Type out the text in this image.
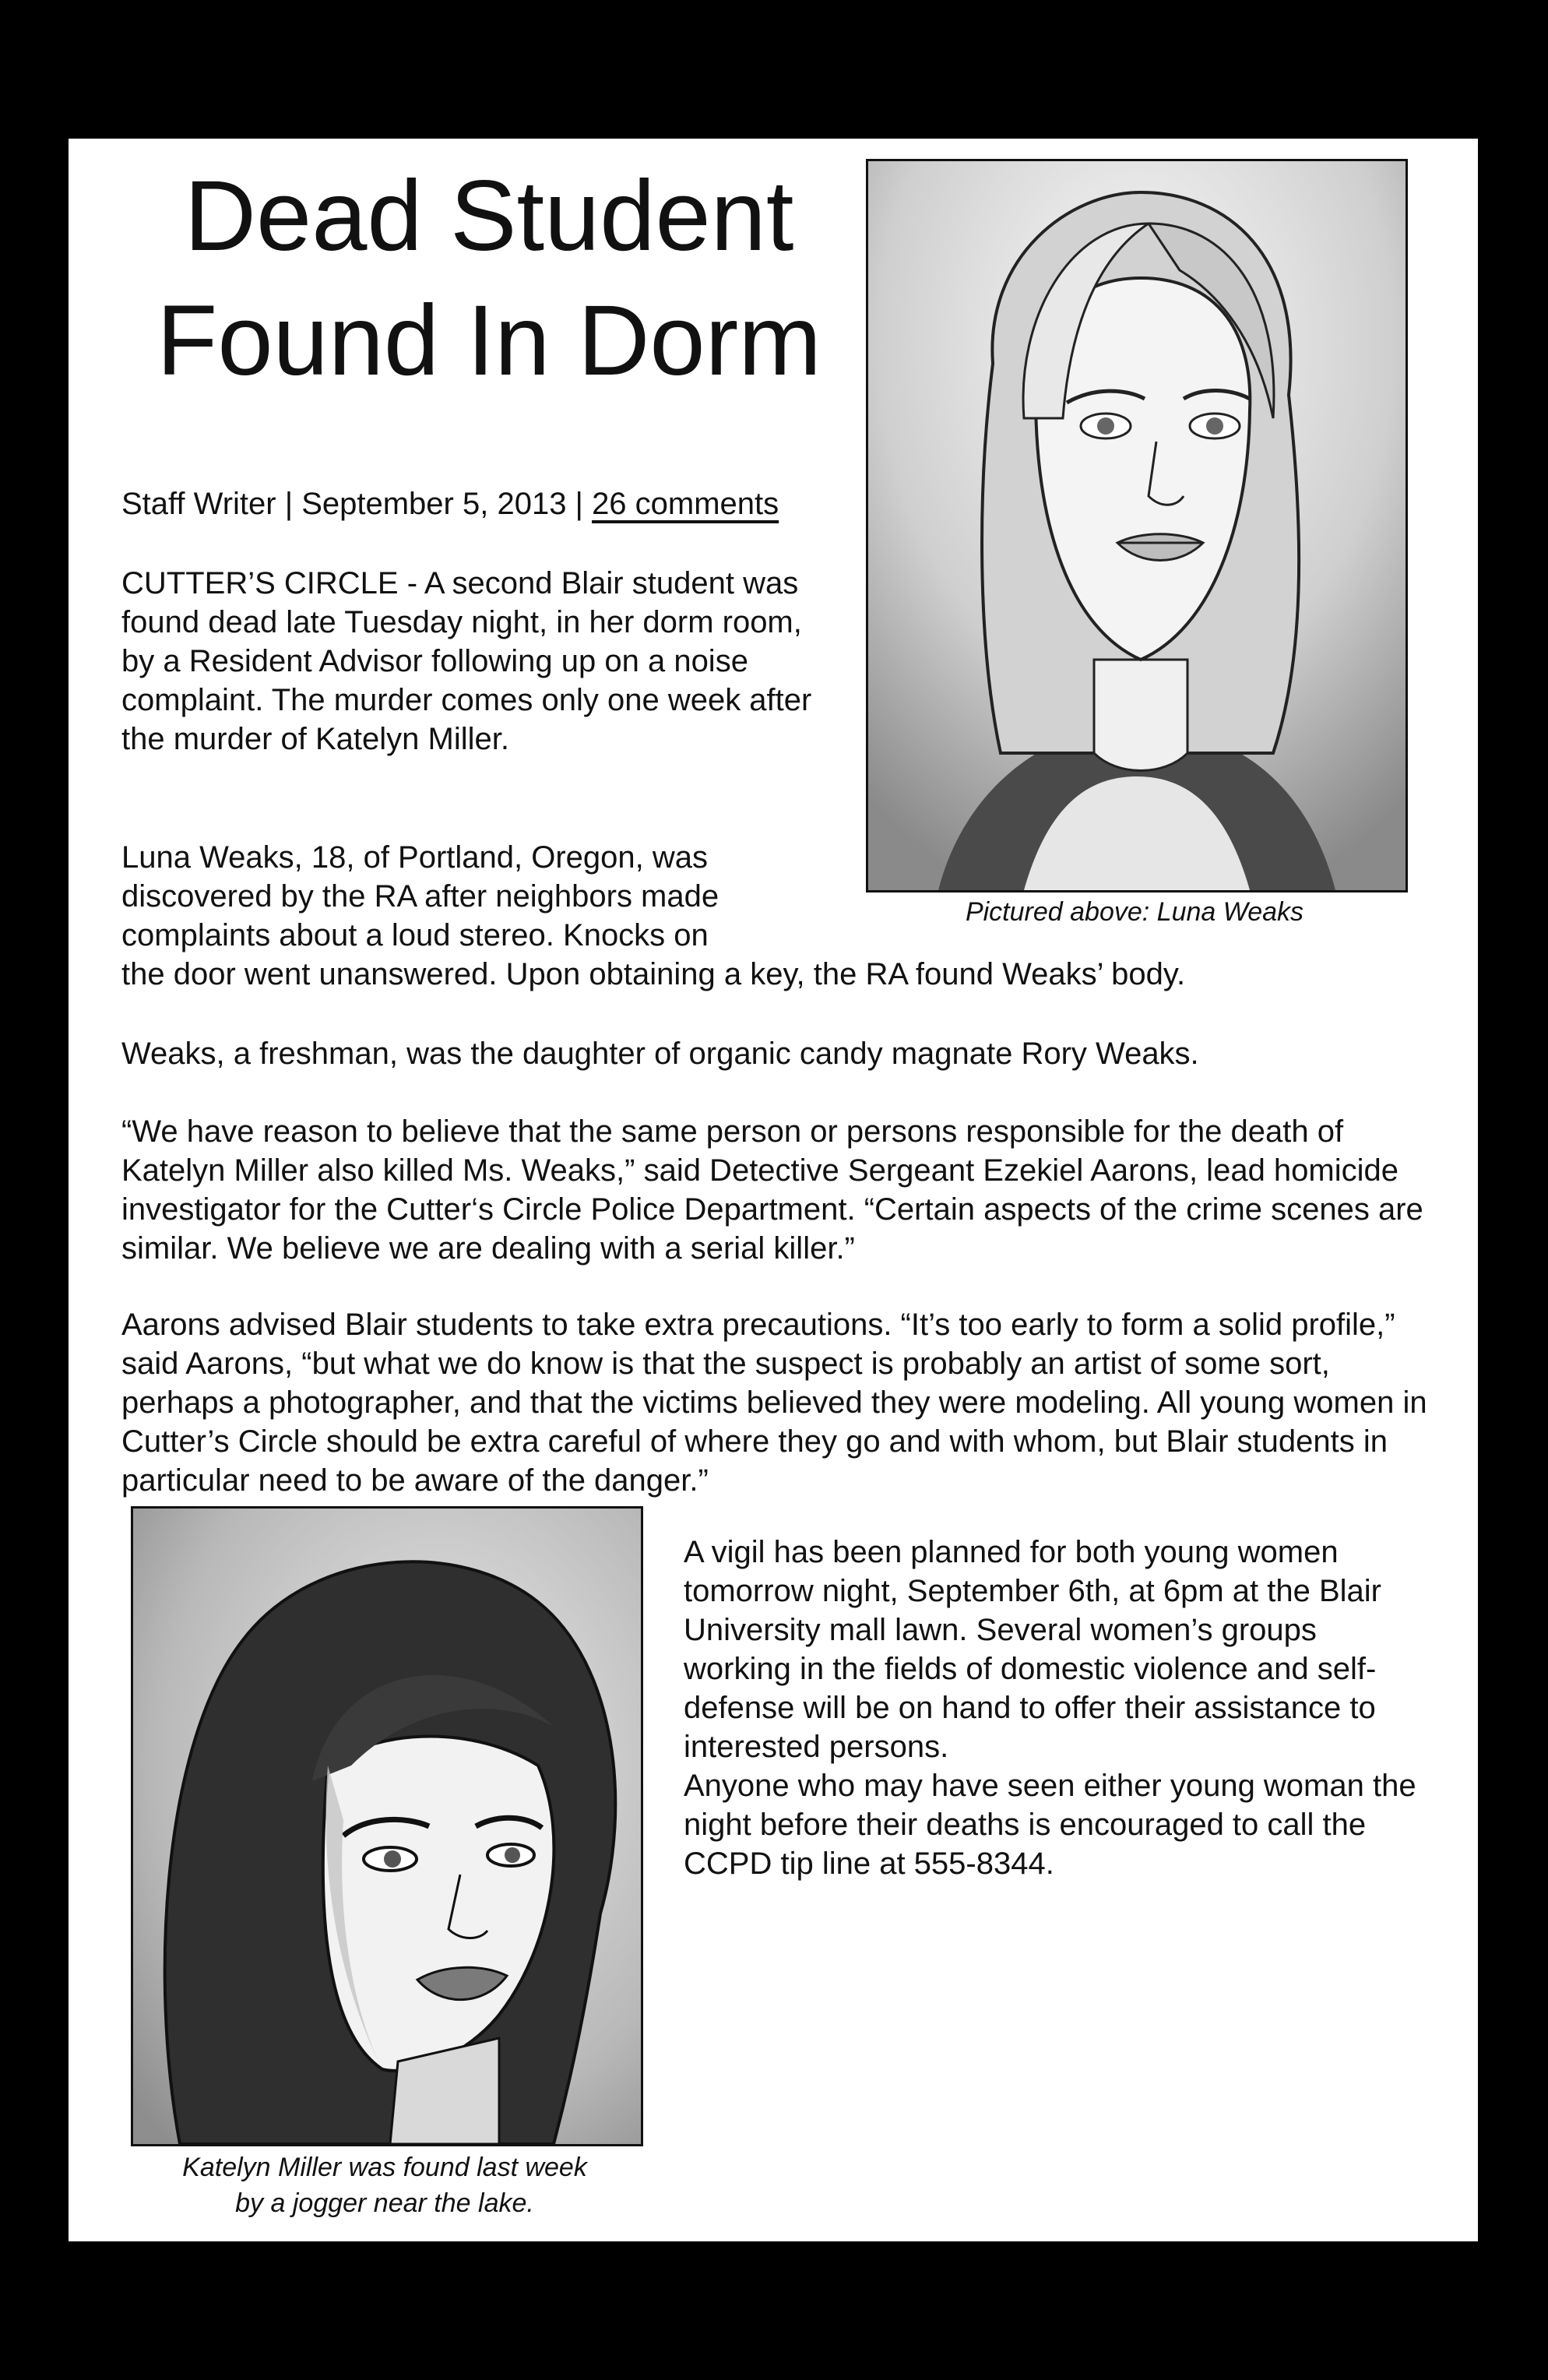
Dead Student
Found In Dorm

Staff Writer | September 5, 2013 | 26 comments

CUTTER’S CIRCLE - A second Blair student was found dead late Tuesday night, in her dorm room, by a Resident Advisor following up on a noise complaint. The murder comes only one week after the murder of Katelyn Miller.

Luna Weaks, 18, of Portland, Oregon, was discovered by the RA after neighbors made complaints about a loud stereo. Knocks on

the door went unanswered. Upon obtaining a key, the RA found Weaks’ body.

Weaks, a freshman, was the daughter of organic candy magnate Rory Weaks.

“We have reason to believe that the same person or persons responsible for the death of Katelyn Miller also killed Ms. Weaks,” said Detective Sergeant Ezekiel Aarons, lead homicide investigator for the Cutter‘s Circle Police Department. “Certain aspects of the crime scenes are similar. We believe we are dealing with a serial killer.”

Aarons advised Blair students to take extra precautions. “It’s too early to form a solid profile,” said Aarons, “but what we do know is that the suspect is probably an artist of some sort, perhaps a photographer, and that the victims believed they were modeling. All young women in Cutter’s Circle should be extra careful of where they go and with whom, but Blair students in particular need to be aware of the danger.”

A vigil has been planned for both young women tomorrow night, September 6th, at 6pm at the Blair University mall lawn. Several women’s groups working in the fields of domestic violence and self-defense will be on hand to offer their assistance to interested persons.

Anyone who may have seen either young woman the night before their deaths is encouraged to call the CCPD tip line at 555-8344.

Pictured above: Luna Weaks
Katelyn Miller was found last week
by a jogger near the lake.
